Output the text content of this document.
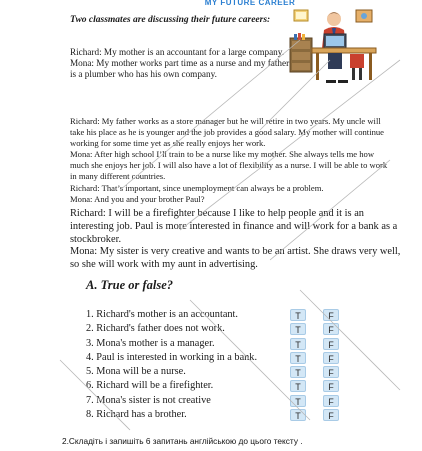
MY FUTURE CAREER
Two classmates are discussing their future careers:

Richard: My mother is an accountant for a large company.

Mona: My mother works part time as a nurse and my father is a plumber who has his own company.

Richard: My father works as a store manager but he will retire in two years. My uncle will take his place as he is younger and the job provides a good salary. My mother will continue working for some time yet as she really enjoys her work.

Mona: After high school I’ll train to be a nurse like my mother. She always tells me how much she enjoys her job. I will also have a lot of flexibility as a nurse. I will be able to work in many different countries.

Richard: That’s important, since unemployment can always be a problem.

Mona: And you and your brother Paul?

Richard: I will be a firefighter because I like to help people and it is an interesting job. Paul is more interested in finance and will work for a bank as a stockbroker.

Mona: My sister is very creative and wants to be an artist. She draws very well, so she will work with my aunt in advertising.

A. True or false?
1. Richard's mother is an accountant.	T	F
2. Richard's father does not work.	T	F
3. Mona's mother is a manager.	T	F
4. Paul is interested in working in a bank.	T	F
5. Mona will be a nurse.	T	F
6. Richard will be a firefighter.	T	F
7. Mona's sister is not creative	T	F
8. Richard has a brother.	T	F
2.Складіть і запишіть 6 запитань англійською до цього тексту .
